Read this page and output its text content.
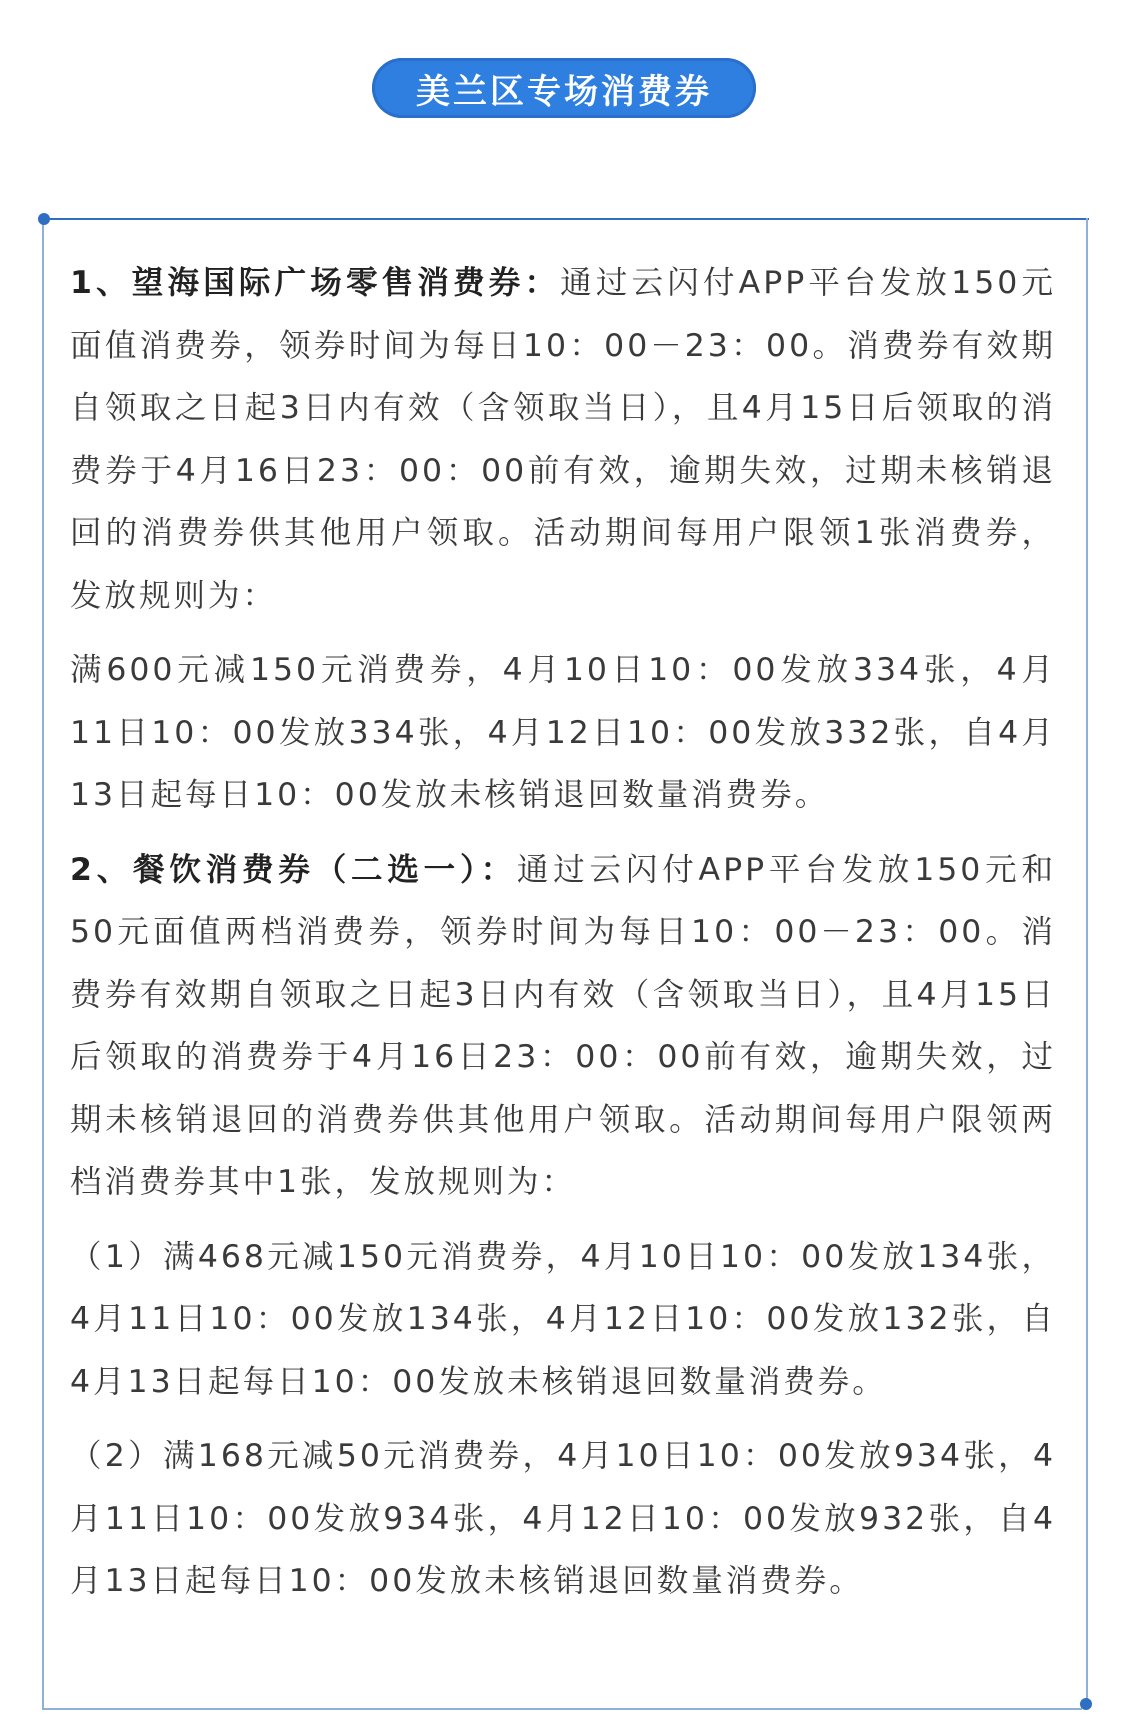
美兰区专场消费券

1、望海国际广场零售消费券：通过云闪付APP平台发放150元面值消费券，领券时间为每日10：00－23：00。消费券有效期自领取之日起3日内有效（含领取当日），且4月15日后领取的消费券于4月16日23：00：00前有效，逾期失效，过期未核销退回的消费券供其他用户领取。活动期间每用户限领1张消费券，发放规则为：

满600元减150元消费券，4月10日10：00发放334张，4月11日10：00发放334张，4月12日10：00发放332张，自4月13日起每日10：00发放未核销退回数量消费券。

2、餐饮消费券（二选一）：通过云闪付APP平台发放150元和50元面值两档消费券，领券时间为每日10：00－23：00。消费券有效期自领取之日起3日内有效（含领取当日），且4月15日后领取的消费券于4月16日23：00：00前有效，逾期失效，过期未核销退回的消费券供其他用户领取。活动期间每用户限领两档消费券其中1张，发放规则为：

（1）满468元减150元消费券，4月10日10：00发放134张，4月11日10：00发放134张，4月12日10：00发放132张，自4月13日起每日10：00发放未核销退回数量消费券。

（2）满168元减50元消费券，4月10日10：00发放934张，4月11日10：00发放934张，4月12日10：00发放932张，自4月13日起每日10：00发放未核销退回数量消费券。
